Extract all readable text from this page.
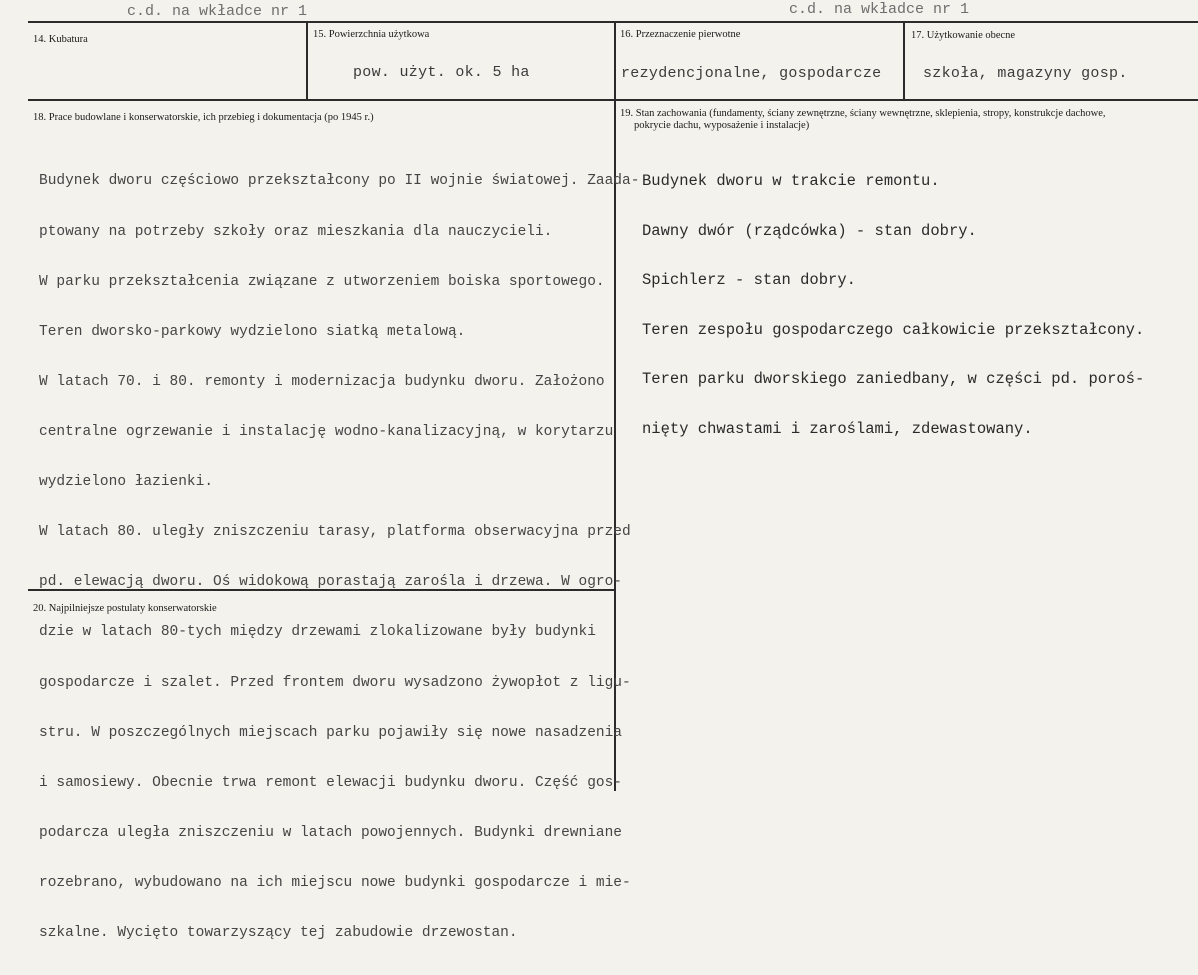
c.d. na wkładce nr 1	c.d. na wkładce nr 1
14. Kubatura	15. Powierzchnia użytkowa
pow. użyt. ok. 5 ha
16. Przeznaczenie pierwotne
rezydencjonalne, gospodarcze
17. Użytkowanie obecne
szkoła, magazyny gosp.
18. Prace budowlane i konserwatorskie, ich przebieg i dokumentacja (po 1945 r.)

Budynek dworu częściowo przekształcony po II wojnie światowej. Zaada-

ptowany na potrzeby szkoły oraz mieszkania dla nauczycieli.

W parku przekształcenia związane z utworzeniem boiska sportowego.

Teren dworsko-parkowy wydzielono siatką metalową.

W latach 70. i 80. remonty i modernizacja budynku dworu. Założono

centralne ogrzewanie i instalację wodno-kanalizacyjną, w korytarzu

wydzielono łazienki.

W latach 80. uległy zniszczeniu tarasy, platforma obserwacyjna przed

pd. elewacją dworu. Oś widokową porastają zarośla i drzewa. W ogro-

dzie w latach 80-tych między drzewami zlokalizowane były budynki

gospodarcze i szalet. Przed frontem dworu wysadzono żywopłot z ligu-

stru. W poszczególnych miejscach parku pojawiły się nowe nasadzenia

i samosiewy. Obecnie trwa remont elewacji budynku dworu. Część gos-

podarcza uległa zniszczeniu w latach powojennych. Budynki drewniane

rozebrano, wybudowano na ich miejscu nowe budynki gospodarcze i mie-

szkalne. Wycięto towarzyszący tej zabudowie drzewostan.

19. Stan zachowania (fundamenty, ściany zewnętrzne, ściany wewnętrzne, sklepienia, stropy, konstrukcje dachowe,
pokrycie dachu, wyposażenie i instalacje)

Budynek dworu w trakcie remontu.

Dawny dwór (rządcówka) - stan dobry.

Spichlerz - stan dobry.

Teren zespołu gospodarczego całkowicie przekształcony.

Teren parku dworskiego zaniedbany, w części pd. poroś-

nięty chwastami i zaroślami, zdewastowany.

20. Najpilniejsze postulaty konserwatorskie
